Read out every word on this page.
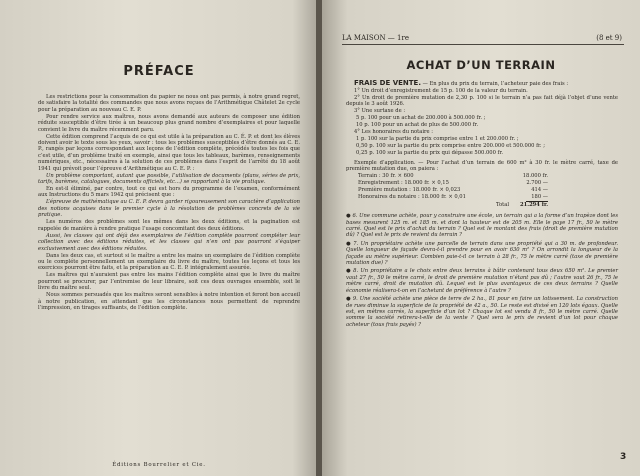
PRÉFACE

Les restrictions pour la consommation du papier ne nous ont pas permis, à notre grand regret, de satisfaire la totalité des commandes que nous avons reçues de l’Arithmétique Châtelet 2e cycle pour la préparation au nouveau C. E. P.

Pour rendre service aux maîtres, nous avons demandé aux auteurs de composer une édition réduite susceptible d’être tirée à un beaucoup plus grand nombre d’exemplaires et pour laquelle convient le livre du maître récemment paru.

Cette édition comprend l’acquis de ce qui est utile à la préparation au C. É. P. et dont les élèves doivent avoir le texte sous les yeux, savoir : tous les problèmes susceptibles d’être donnés au C. E. P., rangés par leçons correspondant aux leçons de l’édition complète, précédés toutes les fois que c’est utile, d’un problème traité en exemple, ainsi que tous les tableaux, barèmes, renseignements numériques, etc., nécessaires à la solution de ces problèmes dans l’esprit de l’arrêté du 18 août 1941 qui prévoit pour l’épreuve d’Arithmétique au C. E. P. :

Un problème comportant, autant que possible, l’utilisation de documents (plans, séries de prix, tarifs, barèmes, catalogues, documents officiels, etc...) se rapportant à la vie pratique.

En est-il éliminé, par contre, tout ce qui est hors du programme de l’examen, conformément aux Instructions du 5 mars 1942 qui précisent que :

L’épreuve de mathématique au C. E. P. devra garder rigoureusement son caractère d’application des notions acquises dans le premier cycle à la résolution de problèmes concrets de la vie pratique.

Les numéros des problèmes sont les mêmes dans les deux éditions, et la pagination est rappelée de manière à rendre pratique l’usage concomitant des deux éditions.

Aussi, les classes qui ont déjà des exemplaires de l’édition complète pourront compléter leur collection avec des éditions réduites, et les classes qui n’en ont pas pourront s’équiper exclusivement avec des éditions réduites.

Dans les deux cas, et surtout si le maître a entre les mains un exemplaire de l’édition complète ou le compléte personnellement un exemplaire du livre du maître, toutes les leçons et tous les exercices pourront être faits, et la préparation au C. E. P. intégralement assurée.

Les maîtres qui n’auraient pas entre les mains l’édition complète ainsi que le livre du maître pourront se procurer, par l’entremise de leur libraire, soit ces deux ouvrages ensemble, soit le livre du maître seul.

Nous sommes persuadés que les maîtres seront sensibles à notre intention et feront bon accueil à notre publication, en attendant que les circonstances nous permettent de reprendre l’impression, en tirages suffisants, de l’édition complète.

Éditions Bourrelier et Cie.
LA MAISON — 1re	(8 et 9)
ACHAT D’UN TERRAIN

FRAIS DE VENTE. — En plus du prix du terrain, l’acheteur paie des frais :

1° Un droit d’enregistrement de 15 p. 100 de la valeur du terrain.

2° Un droit de première mutation de 2,30 p. 100 si le terrain n’a pas fait déjà l’objet d’une vente depuis le 3 août 1926.

3° Une surtaxe de :

5 p. 100 pour un achat de 200.000 à 500.000 fr. ;

10 p. 100 pour un achat de plus de 500.000 fr.

4° Les honoraires du notaire :

1 p. 100 sur la partie du prix comprise entre 1 et 200.000 fr. ;

0,50 p. 100 sur la partie du prix comprise entre 200.000 et 500.000 fr. ;

0,25 p. 100 sur la partie du prix qui dépasse 500.000 fr.

Exemple d’application. — Pour l’achat d’un terrain de 600 m² à 30 fr. le mètre carré, taxe de première mutation due, on paiera :

Terrain : 30 fr. × 600	18.000 fr.
Enregistrement : 18.000 fr. × 0,15	2.700 —
Première mutation : 18.000 fr. × 0,023	414 —
Honoraires du notaire : 18.000 fr. × 0,01	180 —
Total 21.294 fr.

● 6. Une commune achète, pour y construire une école, un terrain qui a la forme d’un trapèze dont les bases mesurent 125 m. et 185 m. et dont la hauteur est de 205 m. Elle le paye 17 fr., 50 le mètre carré. Quel est le prix d’achat du terrain ? Quel est le montant des frais (droit de première mutation dû) ? Quel est le prix de revient du terrain ?

● 7. Un propriétaire achète une parcelle de terrain dans une propriété qui a 30 m. de profondeur. Quelle longueur de façade devra-t-il prendre pour en avoir 630 m² ? On arrondit la longueur de la façade au mètre supérieur. Combien paie-t-il ce terrain à 28 fr., 75 le mètre carré (taxe de première mutation due) ?

● 8. Un propriétaire a le choix entre deux terrains à bâtir contenant tous deux 650 m². Le premier vaut 27 fr., 50 le mètre carré, le droit de première mutation n’étant pas dû ; l’autre vaut 26 fr., 75 le mètre carré, droit de mutation dû. Lequel est le plus avantageux de ces deux terrains ? Quelle économie réalisera-t-on en l’achetant de préférence à l’autre ?

● 9. Une société achète une pièce de terre de 2 ha., 81 pour en faire un lotissement. La construction de rues diminue la superficie de la propriété de 42 a., 50. Le reste est divisé en 120 lots égaux. Quelle est, en mètres carrés, la superficie d’un lot ? Chaque lot est vendu 8 fr., 50 le mètre carré. Quelle somme la société retirera-t-elle de la vente ? Quel sera le prix de revient d’un lot pour chaque acheteur (tous frais payés) ?

3
